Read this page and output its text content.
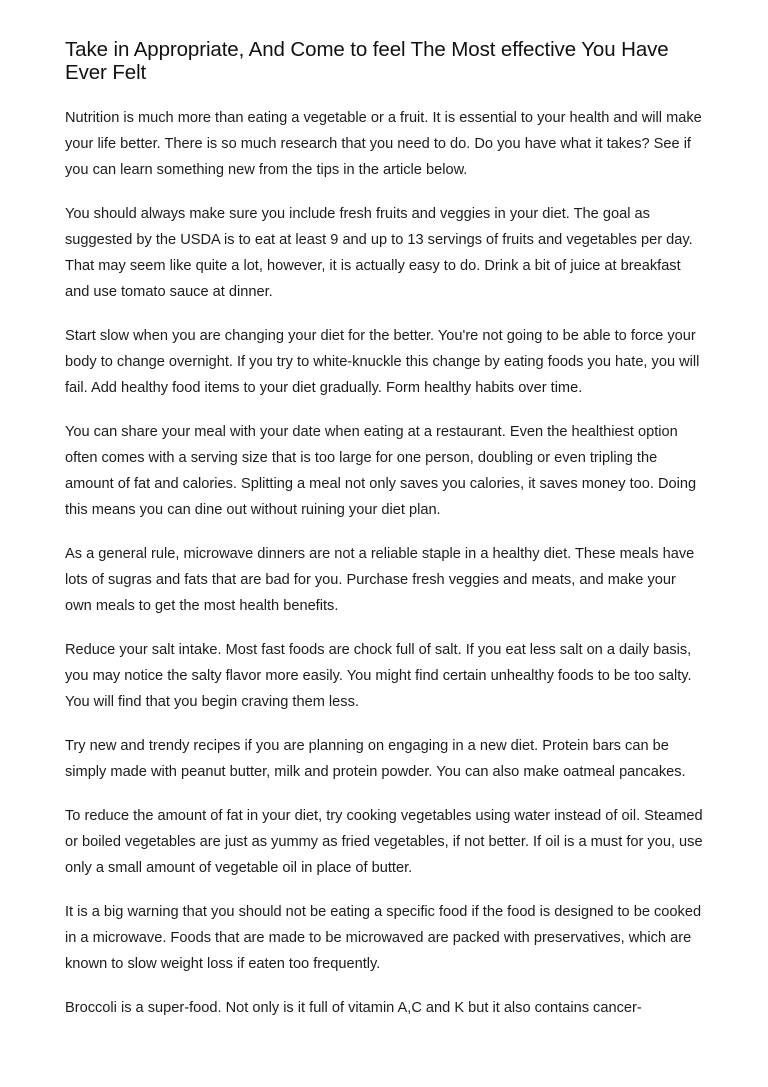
Take in Appropriate, And Come to feel The Most effective You Have Ever Felt

Nutrition is much more than eating a vegetable or a fruit. It is essential to your health and will make your life better. There is so much research that you need to do. Do you have what it takes? See if you can learn something new from the tips in the article below.

You should always make sure you include fresh fruits and veggies in your diet. The goal as suggested by the USDA is to eat at least 9 and up to 13 servings of fruits and vegetables per day. That may seem like quite a lot, however, it is actually easy to do. Drink a bit of juice at breakfast and use tomato sauce at dinner.

Start slow when you are changing your diet for the better. You're not going to be able to force your body to change overnight. If you try to white-knuckle this change by eating foods you hate, you will fail. Add healthy food items to your diet gradually. Form healthy habits over time.

You can share your meal with your date when eating at a restaurant. Even the healthiest option often comes with a serving size that is too large for one person, doubling or even tripling the amount of fat and calories. Splitting a meal not only saves you calories, it saves money too. Doing this means you can dine out without ruining your diet plan.

As a general rule, microwave dinners are not a reliable staple in a healthy diet. These meals have lots of sugras and fats that are bad for you. Purchase fresh veggies and meats, and make your own meals to get the most health benefits.

Reduce your salt intake. Most fast foods are chock full of salt. If you eat less salt on a daily basis, you may notice the salty flavor more easily. You might find certain unhealthy foods to be too salty. You will find that you begin craving them less.

Try new and trendy recipes if you are planning on engaging in a new diet. Protein bars can be simply made with peanut butter, milk and protein powder. You can also make oatmeal pancakes.

To reduce the amount of fat in your diet, try cooking vegetables using water instead of oil. Steamed or boiled vegetables are just as yummy as fried vegetables, if not better. If oil is a must for you, use only a small amount of vegetable oil in place of butter.

It is a big warning that you should not be eating a specific food if the food is designed to be cooked in a microwave. Foods that are made to be microwaved are packed with preservatives, which are known to slow weight loss if eaten too frequently.

Broccoli is a super-food. Not only is it full of vitamin A,C and K but it also contains cancer-
